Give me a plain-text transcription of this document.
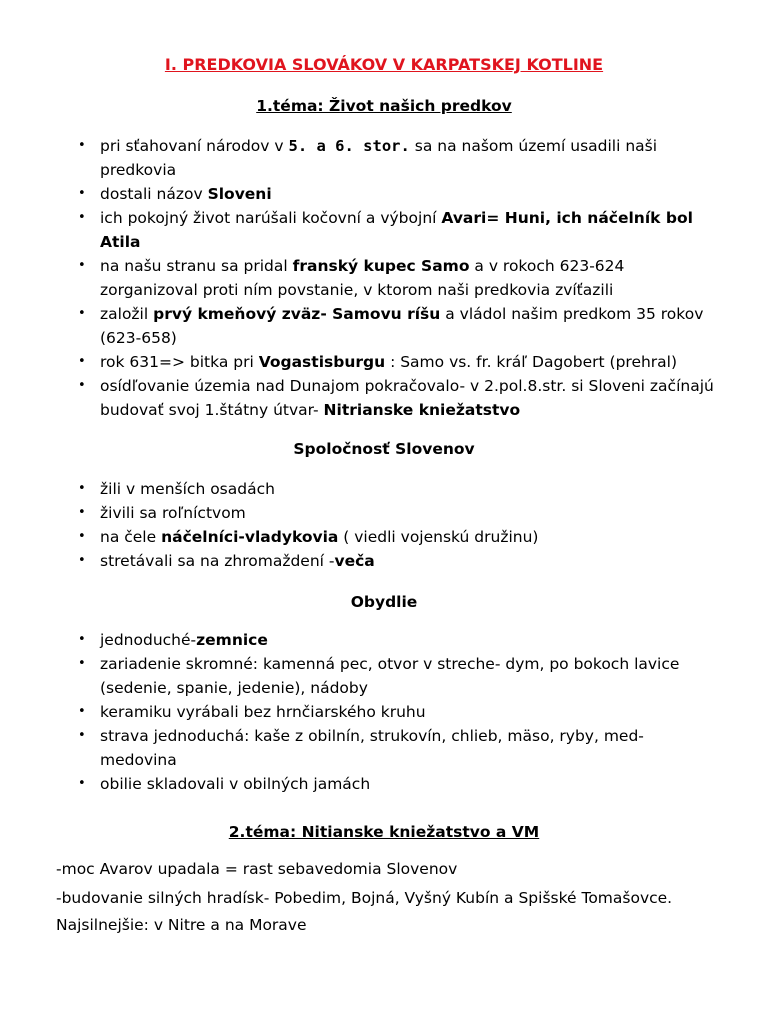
I. PREDKOVIA SLOVÁKOV V KARPATSKEJ KOTLINE
1.téma: Život našich predkov
• pri sťahovaní národov v 5. a 6. stor. sa na našom území usadili naši predkovia
• dostali názov Sloveni
• ich pokojný život narúšali kočovní a výbojní Avari= Huni, ich náčelník bol Atila
• na našu stranu sa pridal franský kupec Samo a v rokoch 623-624 zorganizoval proti ním povstanie, v ktorom naši predkovia zvíťazili
• založil prvý kmeňový zväz- Samovu ríšu a vládol našim predkom 35 rokov (623-658)
• rok 631=> bitka pri Vogastisburgu : Samo vs. fr. kráľ Dagobert (prehral)
• osídľovanie územia nad Dunajom pokračovalo- v 2.pol.8.str. si Sloveni začínajú budovať svoj 1.štátny útvar- Nitrianske kniežatstvo
Spoločnosť Slovenov
• žili v menších osadách
• živili sa roľníctvom
• na čele náčelníci-vladykovia ( viedli vojenskú družinu)
• stretávali sa na zhromaždení -veča
Obydlie
• jednoduché-zemnice
• zariadenie skromné: kamenná pec, otvor v streche- dym, po bokoch lavice (sedenie, spanie, jedenie), nádoby
• keramiku vyrábali bez hrnčiarského kruhu
• strava jednoduchá: kaše z obilnín, strukovín, chlieb, mäso, ryby, med- medovina
• obilie skladovali v obilných jamách
2.téma: Nitianske kniežatstvo a VM

-moc Avarov upadala = rast sebavedomia Slovenov

-budovanie silných hradísk- Pobedim, Bojná, Vyšný Kubín a Spišské Tomašovce.

Najsilnejšie: v Nitre a na Morave
